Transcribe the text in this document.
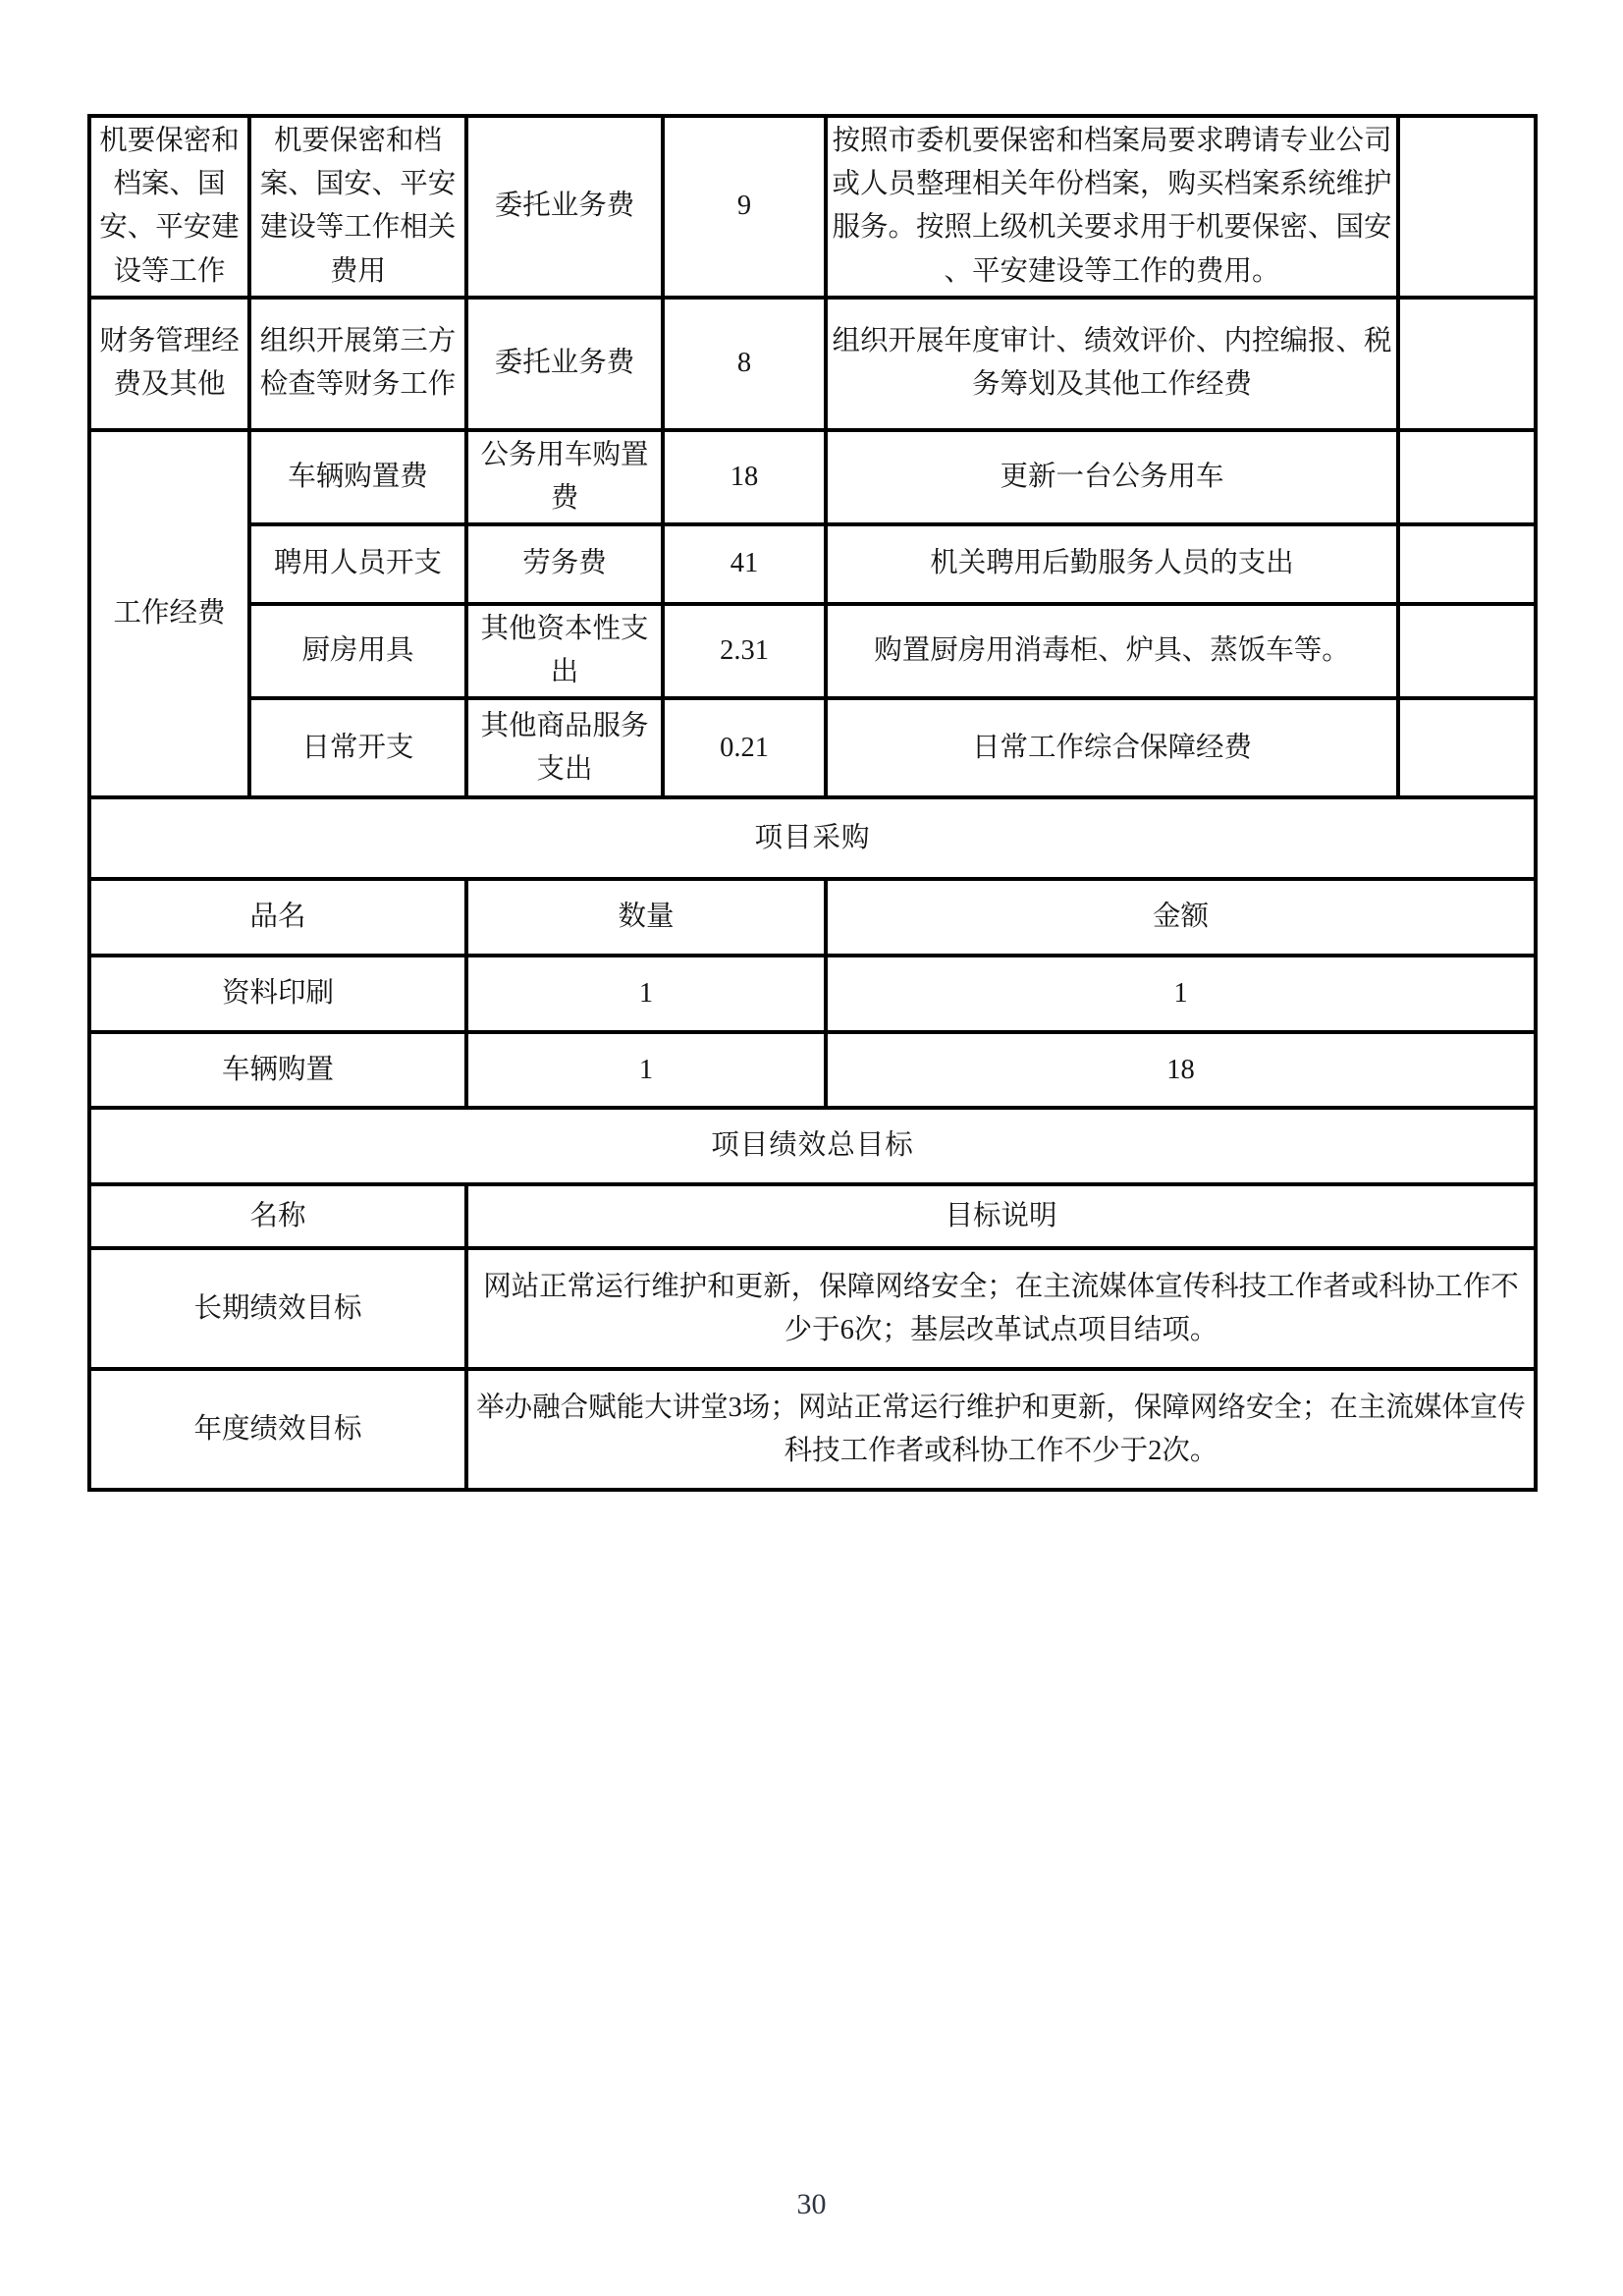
机要保密和档案、国安、平安建设等工作	机要保密和档案、国安、平安建设等工作相关费用	委托业务费	9	按照市委机要保密和档案局要求聘请专业公司或人员整理相关年份档案，购买档案系统维护服务。按照上级机关要求用于机要保密、国安、平安建设等工作的费用。	
财务管理经费及其他	组织开展第三方检查等财务工作	委托业务费	8	组织开展年度审计、绩效评价、内控编报、税务筹划及其他工作经费	
工作经费	车辆购置费	公务用车购置费	18	更新一台公务用车	
	聘用人员开支	劳务费	41	机关聘用后勤服务人员的支出	
	厨房用具	其他资本性支出	2.31	购置厨房用消毒柜、炉具、蒸饭车等。	
	日常开支	其他商品服务支出	0.21	日常工作综合保障经费	
项目采购					
品名		数量		金额	
资料印刷		1		1	
车辆购置		1		18	
项目绩效总目标					
名称		目标说明			
长期绩效目标		网站正常运行维护和更新，保障网络安全；在主流媒体宣传科技工作者或科协工作不少于6次；基层改革试点项目结项。			
年度绩效目标		举办融合赋能大讲堂3场；网站正常运行维护和更新，保障网络安全；在主流媒体宣传科技工作者或科协工作不少于2次。			
30
